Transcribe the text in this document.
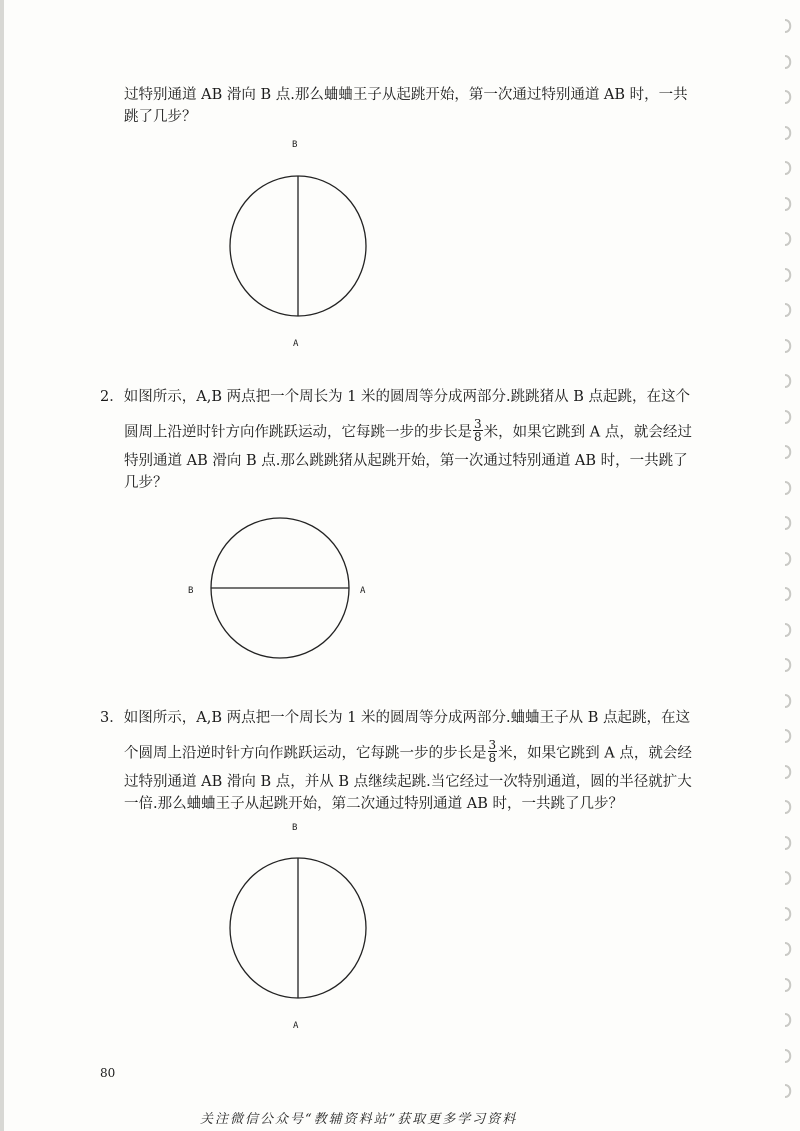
过特别通道 AB 滑向 B 点.那么蛐蛐王子从起跳开始，第一次通过特别通道 AB 时，一共
跳了几步？
B
A
2．如图所示，A,B 两点把一个周长为 1 米的圆周等分成两部分.跳跳猪从 B 点起跳，在这个
圆周上沿逆时针方向作跳跃运动，它每跳一步的步长是 $\frac{3}{8}$ 米，如果它跳到 A 点，就会经过
特别通道 AB 滑向 B 点.那么跳跳猪从起跳开始，第一次通过特别通道 AB 时，一共跳了
几步？
B	A
3．如图所示，A,B 两点把一个周长为 1 米的圆周等分成两部分.蛐蛐王子从 B 点起跳，在这
个圆周上沿逆时针方向作跳跃运动，它每跳一步的步长是 $\frac{3}{8}$ 米，如果它跳到 A 点，就会经
过特别通道 AB 滑向 B 点，并从 B 点继续起跳.当它经过一次特别通道，圆的半径就扩大
一倍.那么蛐蛐王子从起跳开始，第二次通过特别通道 AB 时，一共跳了几步？
B
A
80
关注微信公众号“教辅资料站”获取更多学习资料
